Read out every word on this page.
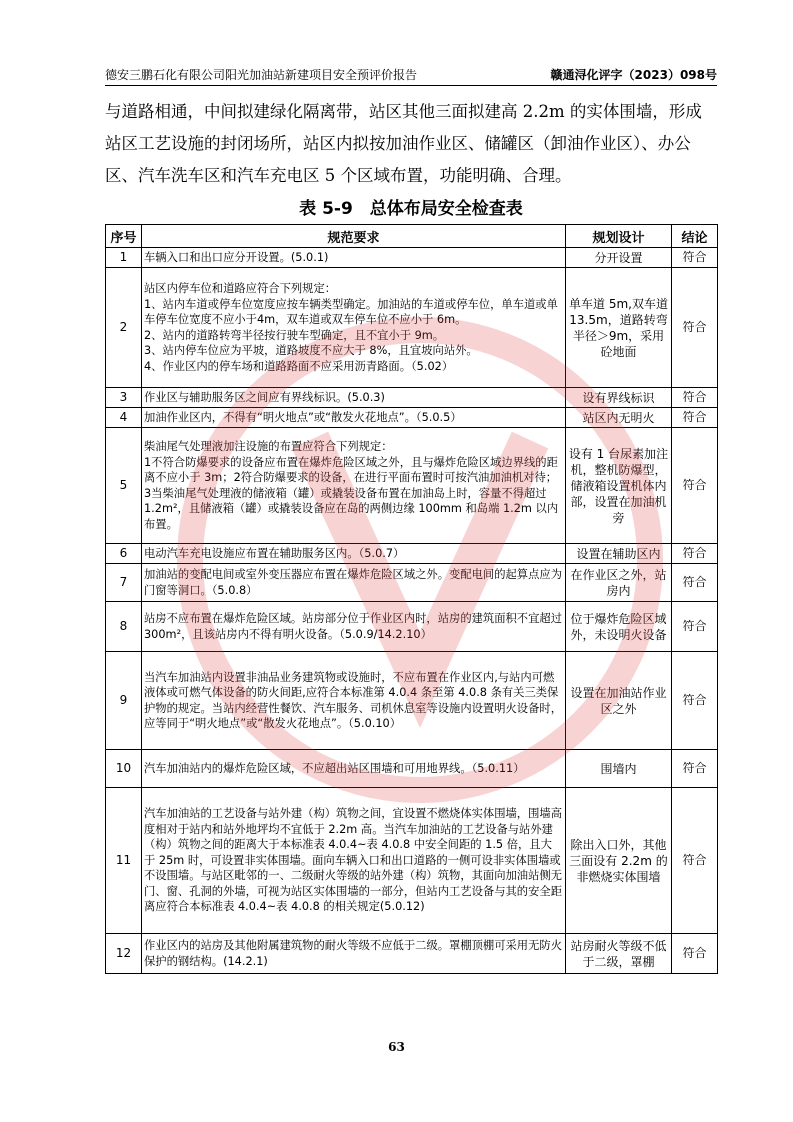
德安三鹏石化有限公司阳光加油站新建项目安全预评价报告	赣通浔化评字（2023）098号

与道路相通，中间拟建绿化隔离带，站区其他三面拟建高 2.2m 的实体围墙，形成站区工艺设施的封闭场所，站区内拟按加油作业区、储罐区（卸油作业区）、办公区、汽车洗车区和汽车充电区 5 个区域布置，功能明确、合理。

表 5-9　总体布局安全检查表
序号	规范要求	规划设计	结论
1	车辆入口和出口应分开设置。(5.0.1)	分开设置	符合
2	站区内停车位和道路应符合下列规定：
1、站内车道或停车位宽度应按车辆类型确定。加油站的车道或停车位，单车道或单车停车位宽度不应小于4m，双车道或双车停车位不应小于 6m。
2、站内的道路转弯半径按行驶车型确定，且不宜小于 9m。
3、站内停车位应为平坡，道路坡度不应大于 8%，且宜坡向站外。
4、作业区内的停车场和道路路面不应采用沥青路面。（5.02）	单车道 5m,双车道 13.5m，道路转弯半径＞9m，采用砼地面	符合
3	作业区与辅助服务区之间应有界线标识。(5.0.3)	设有界线标识	符合
4	加油作业区内，不得有“明火地点”或“散发火花地点”。（5.0.5）	站区内无明火	符合
5	柴油尾气处理液加注设施的布置应符合下列规定：
1不符合防爆要求的设备应布置在爆炸危险区域之外，且与爆炸危险区域边界线的距离不应小于 3m；2符合防爆要求的设备，在进行平面布置时可按汽油加油机对待；3当柴油尾气处理液的储液箱（罐）或撬装设备布置在加油岛上时，容量不得超过 1.2m²，且储液箱（罐）或撬装设备应在岛的两侧边缘 100mm 和岛端 1.2m 以内布置。	设有 1 台尿素加注机，整机防爆型，储液箱设置机体内部，设置在加油机旁	符合
6	电动汽车充电设施应布置在辅助服务区内。（5.0.7）	设置在辅助区内	符合
7	加油站的变配电间或室外变压器应布置在爆炸危险区域之外。变配电间的起算点应为门窗等洞口。（5.0.8）	在作业区之外，站房内	符合
8	站房不应布置在爆炸危险区域。站房部分位于作业区内时，站房的建筑面积不宜超过 300m²，且该站房内不得有明火设备。（5.0.9/14.2.10）	位于爆炸危险区域外，未设明火设备	符合
9	当汽车加油站内设置非油品业务建筑物或设施时，不应布置在作业区内,与站内可燃液体或可燃气体设备的防火间距,应符合本标准第 4.0.4 条至第 4.0.8 条有关三类保护物的规定。当站内经营性餐饮、汽车服务、司机休息室等设施内设置明火设备时，应等同于“明火地点”或“散发火花地点”。（5.0.10）	设置在加油站作业区之外	符合
10	汽车加油站内的爆炸危险区域，不应超出站区围墙和可用地界线。（5.0.11）	围墙内	符合
11	汽车加油站的工艺设备与站外建（构）筑物之间，宜设置不燃烧体实体围墙，围墙高度相对于站内和站外地坪均不宜低于 2.2m 高。当汽车加油站的工艺设备与站外建（构）筑物之间的距离大于本标准表 4.0.4~表 4.0.8 中安全间距的 1.5 倍，且大于 25m 时，可设置非实体围墙。面向车辆入口和出口道路的一侧可设非实体围墙或不设围墙。与站区毗邻的一、二级耐火等级的站外建（构）筑物，其面向加油站侧无门、窗、孔洞的外墙，可视为站区实体围墙的一部分，但站内工艺设备与其的安全距离应符合本标准表 4.0.4~表 4.0.8 的相关规定(5.0.12)	除出入口外，其他三面设有 2.2m 的非燃烧实体围墙	符合
12	作业区内的站房及其他附属建筑物的耐火等级不应低于二级。罩棚顶棚可采用无防火保护的钢结构。(14.2.1)	站房耐火等级不低于二级，罩棚	符合
63
